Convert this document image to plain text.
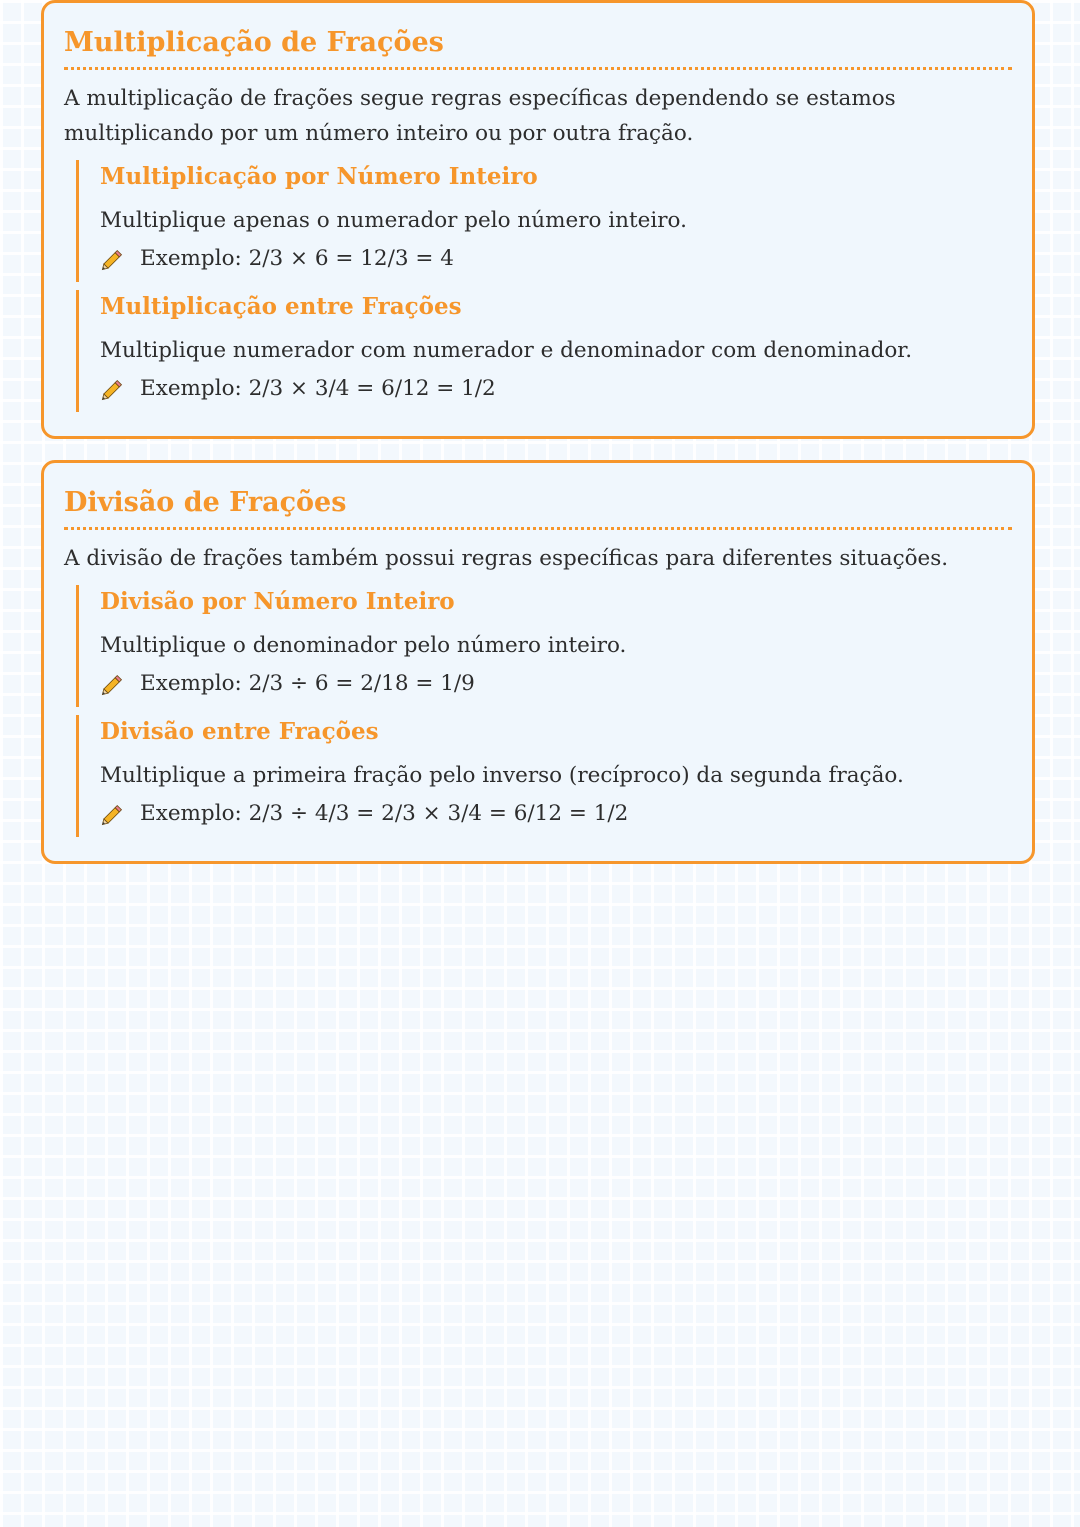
Multiplicação de Frações

A multiplicação de frações segue regras específicas dependendo se estamos multiplicando por um número inteiro ou por outra fração.

Multiplicação por Número Inteiro

Multiplique apenas o numerador pelo número inteiro.

Exemplo: 2/3 × 6 = 12/3 = 4
Multiplicação entre Frações

Multiplique numerador com numerador e denominador com denominador.

Exemplo: 2/3 × 3/4 = 6/12 = 1/2
Divisão de Frações

A divisão de frações também possui regras específicas para diferentes situações.

Divisão por Número Inteiro

Multiplique o denominador pelo número inteiro.

Exemplo: 2/3 ÷ 6 = 2/18 = 1/9
Divisão entre Frações

Multiplique a primeira fração pelo inverso (recíproco) da segunda fração.

Exemplo: 2/3 ÷ 4/3 = 2/3 × 3/4 = 6/12 = 1/2
